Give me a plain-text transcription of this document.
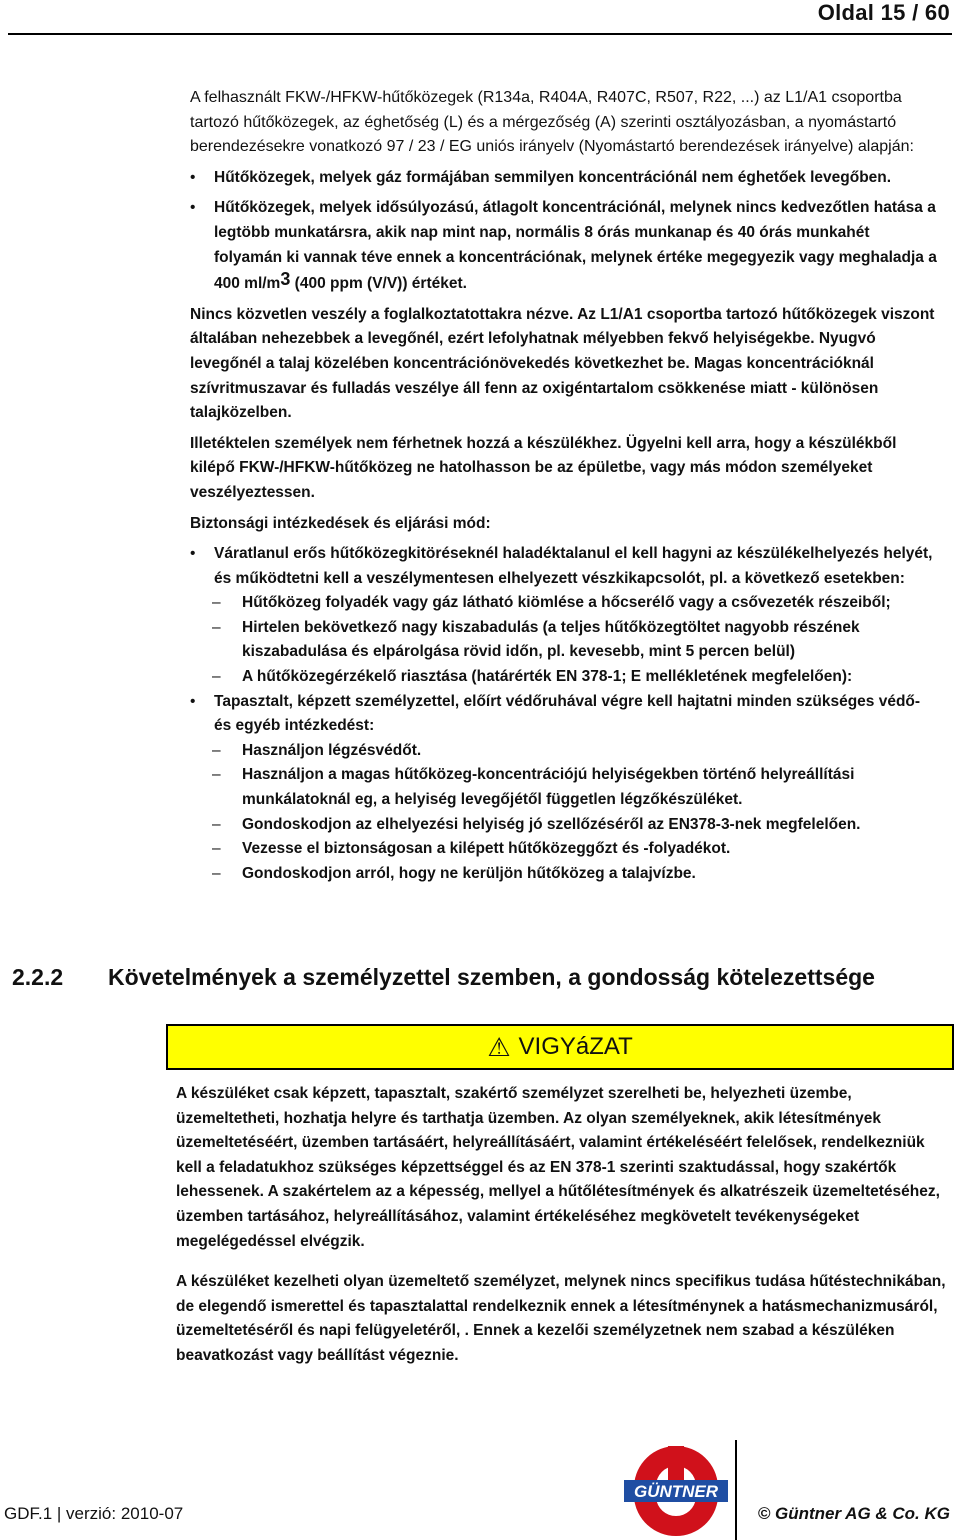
Oldal 15 / 60

A felhasznált FKW-/HFKW-hűtőközegek (R134a, R404A, R407C, R507, R22, ...) az L1/A1 csoportba tartozó hűtőközegek, az éghetőség (L) és a mérgezőség (A) szerinti osztályozásban, a nyomástartó berendezésekre vonatkozó 97 / 23 / EG uniós irányelv (Nyomástartó berendezések irányelve) alapján:

• Hűtőközegek, melyek gáz formájában semmilyen koncentrációnál nem éghetőek levegőben.
• Hűtőközegek, melyek idősúlyozású, átlagolt koncentrációnál, melynek nincs kedvezőtlen hatása a legtöbb munkatársra, akik nap mint nap, normális 8 órás munkanap és 40 órás munkahét folyamán ki vannak téve ennek a koncentrációnak, melynek értéke megegyezik vagy meghaladja a 400 ml/m3 (400 ppm (V/V)) értéket.

Nincs közvetlen veszély a foglalkoztatottakra nézve. Az L1/A1 csoportba tartozó hűtőközegek viszont általában nehezebbek a levegőnél, ezért lefolyhatnak mélyebben fekvő helyiségekbe. Nyugvó levegőnél a talaj közelében koncentrációnövekedés következhet be. Magas koncentrációknál szívritmuszavar és fulladás veszélye áll fenn az oxigéntartalom csökkenése miatt - különösen talajközelben.

Illetéktelen személyek nem férhetnek hozzá a készülékhez. Ügyelni kell arra, hogy a készülékből kilépő FKW-/HFKW-hűtőközeg ne hatolhasson be az épületbe, vagy más módon személyeket veszélyeztessen.

Biztonsági intézkedések és eljárási mód:

• Váratlanul erős hűtőközegkitöréseknél haladéktalanul el kell hagyni az készülékelhelyezés helyét, és működtetni kell a veszélymentesen elhelyezett vészkikapcsolót, pl. a következő esetekben:
– Hűtőközeg folyadék vagy gáz látható kiömlése a hőcserélő vagy a csővezeték részeiből;
– Hirtelen bekövetkező nagy kiszabadulás (a teljes hűtőközegtöltet nagyobb részének kiszabadulása és elpárolgása rövid időn, pl. kevesebb, mint 5 percen belül)
– A hűtőközegérzékelő riasztása (határérték EN 378-1; E mellékletének megfelelően):
• Tapasztalt, képzett személyzettel, előírt védőruhával végre kell hajtatni minden szükséges védő- és egyéb intézkedést:
– Használjon légzésvédőt.
– Használjon a magas hűtőközeg-koncentrációjú helyiségekben történő helyreállítási munkálatoknál eg, a helyiség levegőjétől független légzőkészüléket.
– Gondoskodjon az elhelyezési helyiség jó szellőzéséről az EN378-3-nek megfelelően.
– Vezesse el biztonságosan a kilépett hűtőközeggőzt és -folyadékot.
– Gondoskodjon arról, hogy ne kerüljön hűtőközeg a talajvízbe.
2.2.2 Követelmények a személyzettel szemben, a gondosság kötelezettsége
⚠ VIGYáZAT

A készüléket csak képzett, tapasztalt, szakértő személyzet szerelheti be, helyezheti üzembe, üzemeltetheti, hozhatja helyre és tarthatja üzemben. Az olyan személyeknek, akik létesítmények üzemeltetéséért, üzemben tartásáért, helyreállításáért, valamint értékeléséért felelősek, rendelkezniük kell a feladatukhoz szükséges képzettséggel és az EN 378-1 szerinti szaktudással, hogy szakértők lehessenek. A szakértelem az a képesség, mellyel a hűtőlétesítmények és alkatrészeik üzemeltetéséhez, üzemben tartásához, helyreállításához, valamint értékeléséhez megkövetelt tevékenységeket megelégedéssel elvégzik.

A készüléket kezelheti olyan üzemeltető személyzet, melynek nincs specifikus tudása hűtéstechnikában, de elegendő ismerettel és tapasztalattal rendelkeznik ennek a létesítménynek a hatásmechanizmusáról, üzemeltetéséről és napi felügyeletéről, . Ennek a kezelői személyzetnek nem szabad a készüléken beavatkozást vagy beállítást végeznie.

GÜNTNER
GDF.1 | verzió: 2010-07	© Güntner AG & Co. KG
